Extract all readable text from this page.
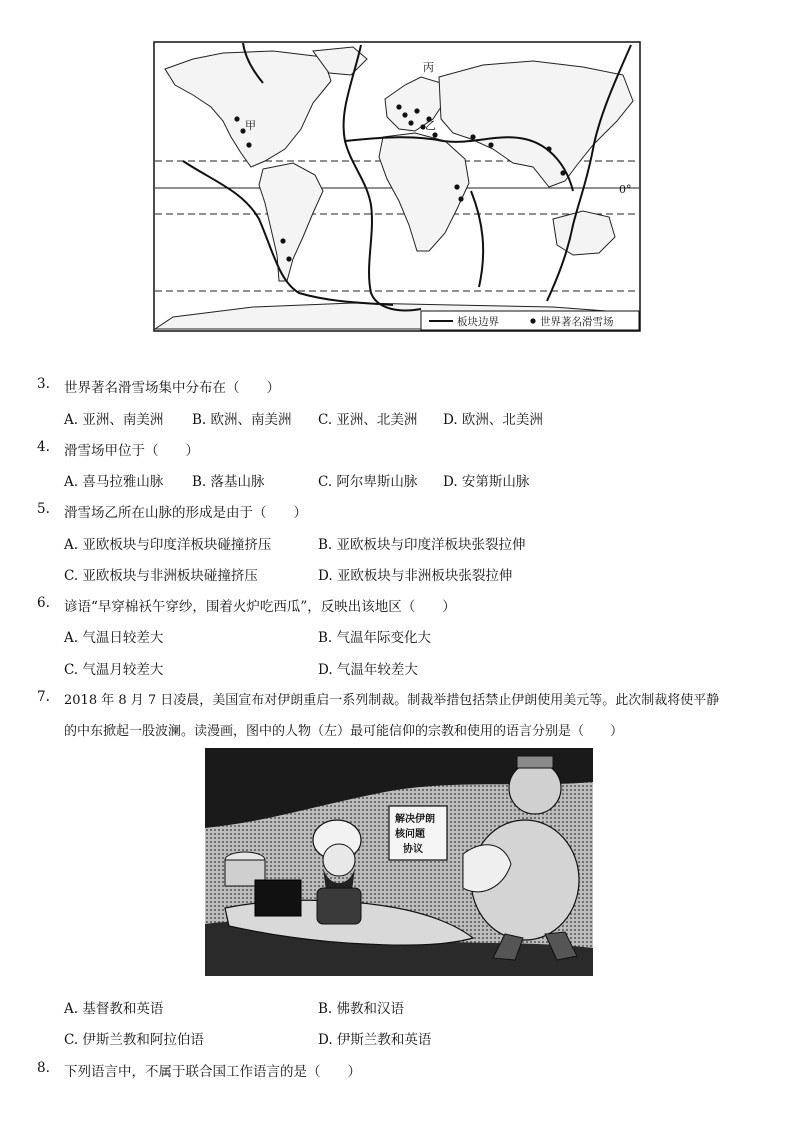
丙
甲	乙
0°
板块边界	世界著名滑雪场
3. 世界著名滑雪场集中分布在（　　）
A. 亚洲、南美洲 B. 欧洲、南美洲 C. 亚洲、北美洲 D. 欧洲、北美洲
4. 滑雪场甲位于（　　）
A. 喜马拉雅山脉 B. 落基山脉	C. 阿尔卑斯山脉 D. 安第斯山脉
5. 滑雪场乙所在山脉的形成是由于（　　）
A. 亚欧板块与印度洋板块碰撞挤压	B. 亚欧板块与印度洋板块张裂拉伸
C. 亚欧板块与非洲板块碰撞挤压	D. 亚欧板块与非洲板块张裂拉伸
6. 谚语“早穿棉袄午穿纱，围着火炉吃西瓜”，反映出该地区（　　）
A. 气温日较差大	B. 气温年际变化大
C. 气温月较差大	D. 气温年较差大
7. 2018 年 8 月 7 日凌晨，美国宣布对伊朗重启一系列制裁。制裁举措包括禁止伊朗使用美元等。此次制裁将使平静
的中东掀起一股波澜。读漫画，图中的人物（左）最可能信仰的宗教和使用的语言分别是（　　）
解决伊朗
核问题
协议
A. 基督教和英语	B. 佛教和汉语
C. 伊斯兰教和阿拉伯语	D. 伊斯兰教和英语
8. 下列语言中，不属于联合国工作语言的是（　　）
